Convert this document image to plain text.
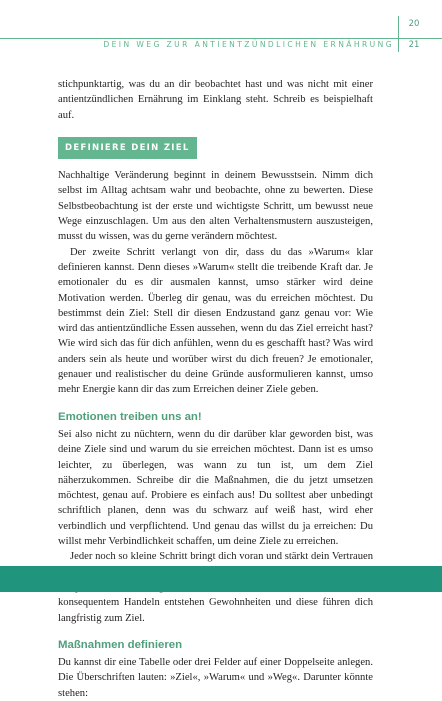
DEIN WEG ZUR ANTIENTZÜNDLICHEN ERNÄHRUNG
20
21

stichpunktartig, was du an dir beobachtet hast und was nicht mit einer antientzündlichen Ernährung im Einklang steht. Schreib es beispielhaft auf.

DEFINIERE DEIN ZIEL

Nachhaltige Veränderung beginnt in deinem Bewusstsein. Nimm dich selbst im Alltag achtsam wahr und beobachte, ohne zu bewerten. Diese Selbstbeobachtung ist der erste und wichtigste Schritt, um bewusst neue Wege einzuschlagen. Um aus den alten Verhaltensmustern auszusteigen, musst du wissen, was du gerne verändern möchtest.

Der zweite Schritt verlangt von dir, dass du das »Warum« klar definieren kannst. Denn dieses »Warum« stellt die treibende Kraft dar. Je emotionaler du es dir ausmalen kannst, umso stärker wird deine Motivation werden. Überleg dir genau, was du erreichen möchtest. Du bestimmst dein Ziel: Stell dir diesen Endzustand ganz genau vor: Wie wird das antientzündliche Essen aussehen, wenn du das Ziel erreicht hast? Wie wird sich das für dich anfühlen, wenn du es geschafft hast? Was wird anders sein als heute und worüber wirst du dich freuen? Je emotionaler, genauer und realistischer du deine Gründe ausformulieren kannst, umso mehr Energie kann dir das zum Erreichen deiner Ziele geben.

Emotionen treiben uns an!

Sei also nicht zu nüchtern, wenn du dir darüber klar geworden bist, was deine Ziele sind und warum du sie erreichen möchtest. Dann ist es umso leichter, zu überlegen, was wann zu tun ist, um dem Ziel näherzukommen. Schreibe dir die Maßnahmen, die du jetzt umsetzen möchtest, genau auf. Probiere es einfach aus! Du solltest aber unbedingt schriftlich planen, denn was du schwarz auf weiß hast, wird eher verbindlich und verpflichtend. Und genau das willst du ja erreichen: Du willst mehr Verbindlichkeit schaffen, um deine Ziele zu erreichen.

Jeder noch so kleine Schritt bringt dich voran und stärkt dein Vertrauen konsequentem Handeln entstehen Gewohnheiten und diese führen dich langfristig zum Ziel.

Maßnahmen definieren

Du kannst dir eine Tabelle oder drei Felder auf einer Doppelseite anlegen. Die Überschriften lauten: »Ziel«, »Warum« und »Weg«. Darunter könnte stehen:
